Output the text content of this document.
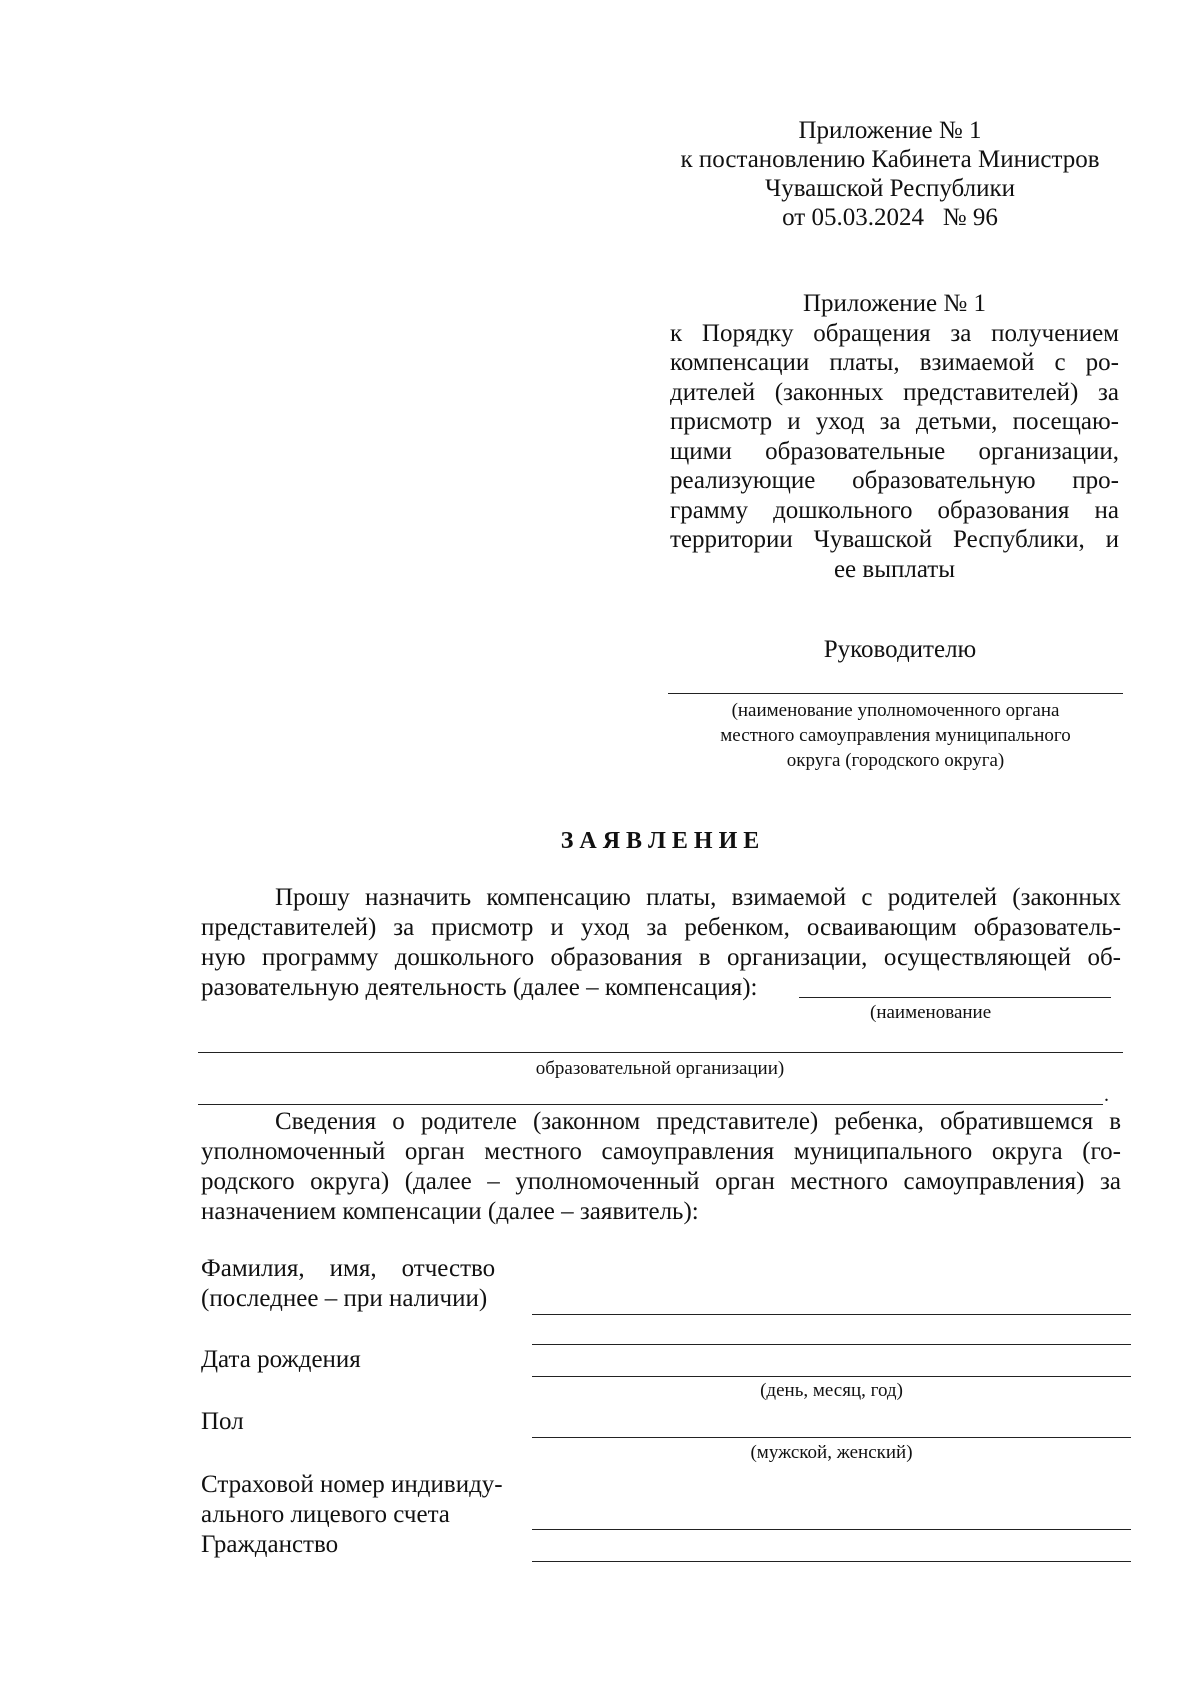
Приложение № 1
к постановлению Кабинета Министров
Чувашской Республики
от 05.03.2024   № 96
Приложение № 1
к Порядку обращения за получением
компенсации платы, взимаемой с ро-
дителей (законных представителей) за
присмотр и уход за детьми, посещаю-
щими образовательные организации,
реализующие образовательную про-
грамму дошкольного образования на
территории Чувашской Республики, и
ее выплаты
Руководителю
(наименование уполномоченного органа
местного самоуправления муниципального
округа (городского округа)
З А Я В Л Е Н И Е
Прошу назначить компенсацию платы, взимаемой с родителей (законных
представителей) за присмотр и уход за ребенком, осваивающим образователь-
ную программу дошкольного образования в организации, осуществляющей об-
разовательную деятельность (далее – компенсация):
(наименование
образовательной организации)
.
Сведения о родителе (законном представителе) ребенка, обратившемся в
уполномоченный орган местного самоуправления муниципального округа (го-
родского округа) (далее – уполномоченный орган местного самоуправления) за
назначением компенсации (далее – заявитель):
Фамилия,    имя,    отчество
(последнее – при наличии)
Дата рождения
(день, месяц, год)
Пол
(мужской, женский)
Страховой номер индивиду-
ального лицевого счета
Гражданство
